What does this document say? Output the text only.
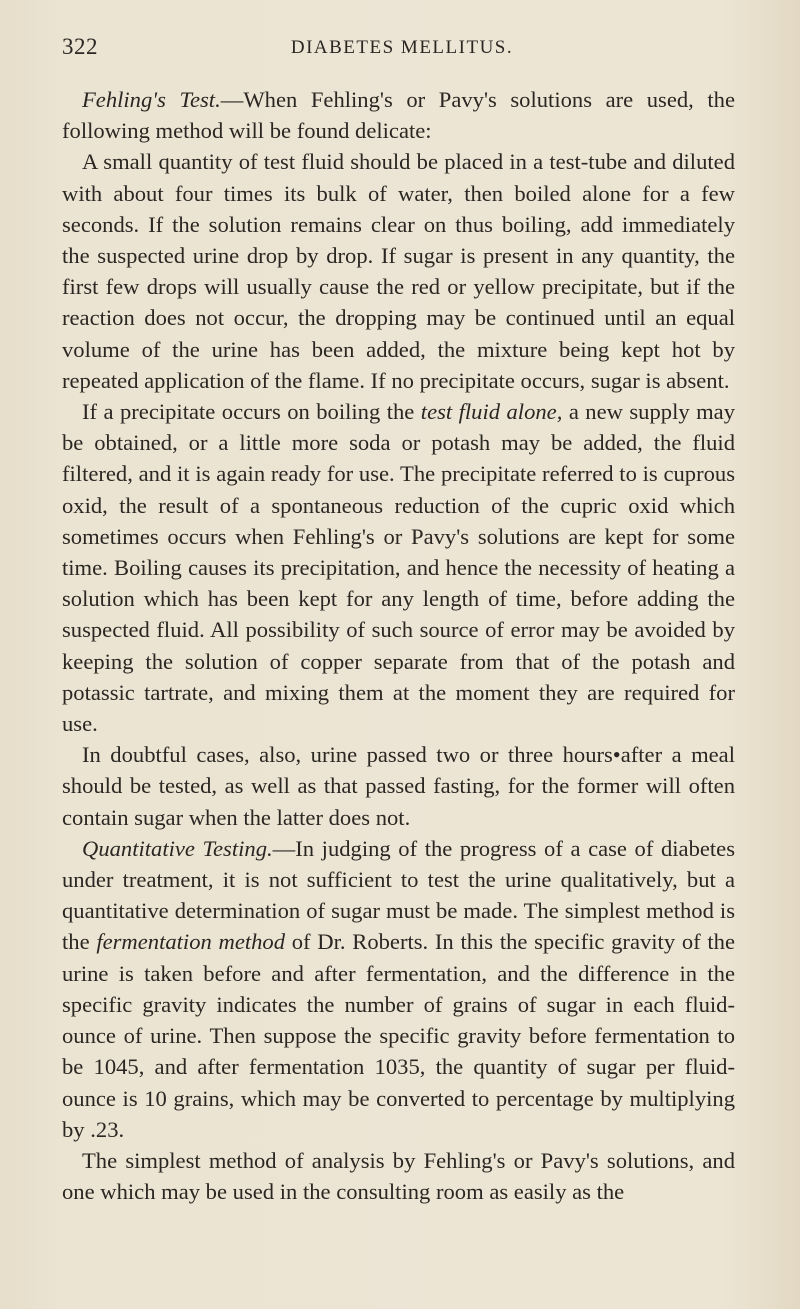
322	DIABETES MELLITUS.

Fehling's Test.—When Fehling's or Pavy's solutions are used, the following method will be found delicate:

A small quantity of test fluid should be placed in a test-tube and diluted with about four times its bulk of water, then boiled alone for a few seconds. If the solution remains clear on thus boiling, add immediately the suspected urine drop by drop. If sugar is present in any quantity, the first few drops will usually cause the red or yellow precipitate, but if the reaction does not occur, the dropping may be continued until an equal volume of the urine has been added, the mixture being kept hot by repeated application of the flame. If no precipitate occurs, sugar is absent.

If a precipitate occurs on boiling the test fluid alone, a new supply may be obtained, or a little more soda or potash may be added, the fluid filtered, and it is again ready for use. The precipitate referred to is cuprous oxid, the result of a spontaneous reduction of the cupric oxid which sometimes occurs when Fehling's or Pavy's solutions are kept for some time. Boiling causes its precipitation, and hence the necessity of heating a solution which has been kept for any length of time, before adding the suspected fluid. All possibility of such source of error may be avoided by keeping the solution of copper separate from that of the potash and potassic tartrate, and mixing them at the moment they are required for use.

In doubtful cases, also, urine passed two or three hours•after a meal should be tested, as well as that passed fasting, for the former will often contain sugar when the latter does not.

Quantitative Testing.—In judging of the progress of a case of diabetes under treatment, it is not sufficient to test the urine qualitatively, but a quantitative determination of sugar must be made. The simplest method is the fermentation method of Dr. Roberts. In this the specific gravity of the urine is taken before and after fermentation, and the difference in the specific gravity indicates the number of grains of sugar in each fluid-ounce of urine. Then suppose the specific gravity before fermentation to be 1045, and after fermentation 1035, the quantity of sugar per fluid-ounce is 10 grains, which may be converted to percentage by multiplying by .23.

The simplest method of analysis by Fehling's or Pavy's solutions, and one which may be used in the consulting room as easily as the
